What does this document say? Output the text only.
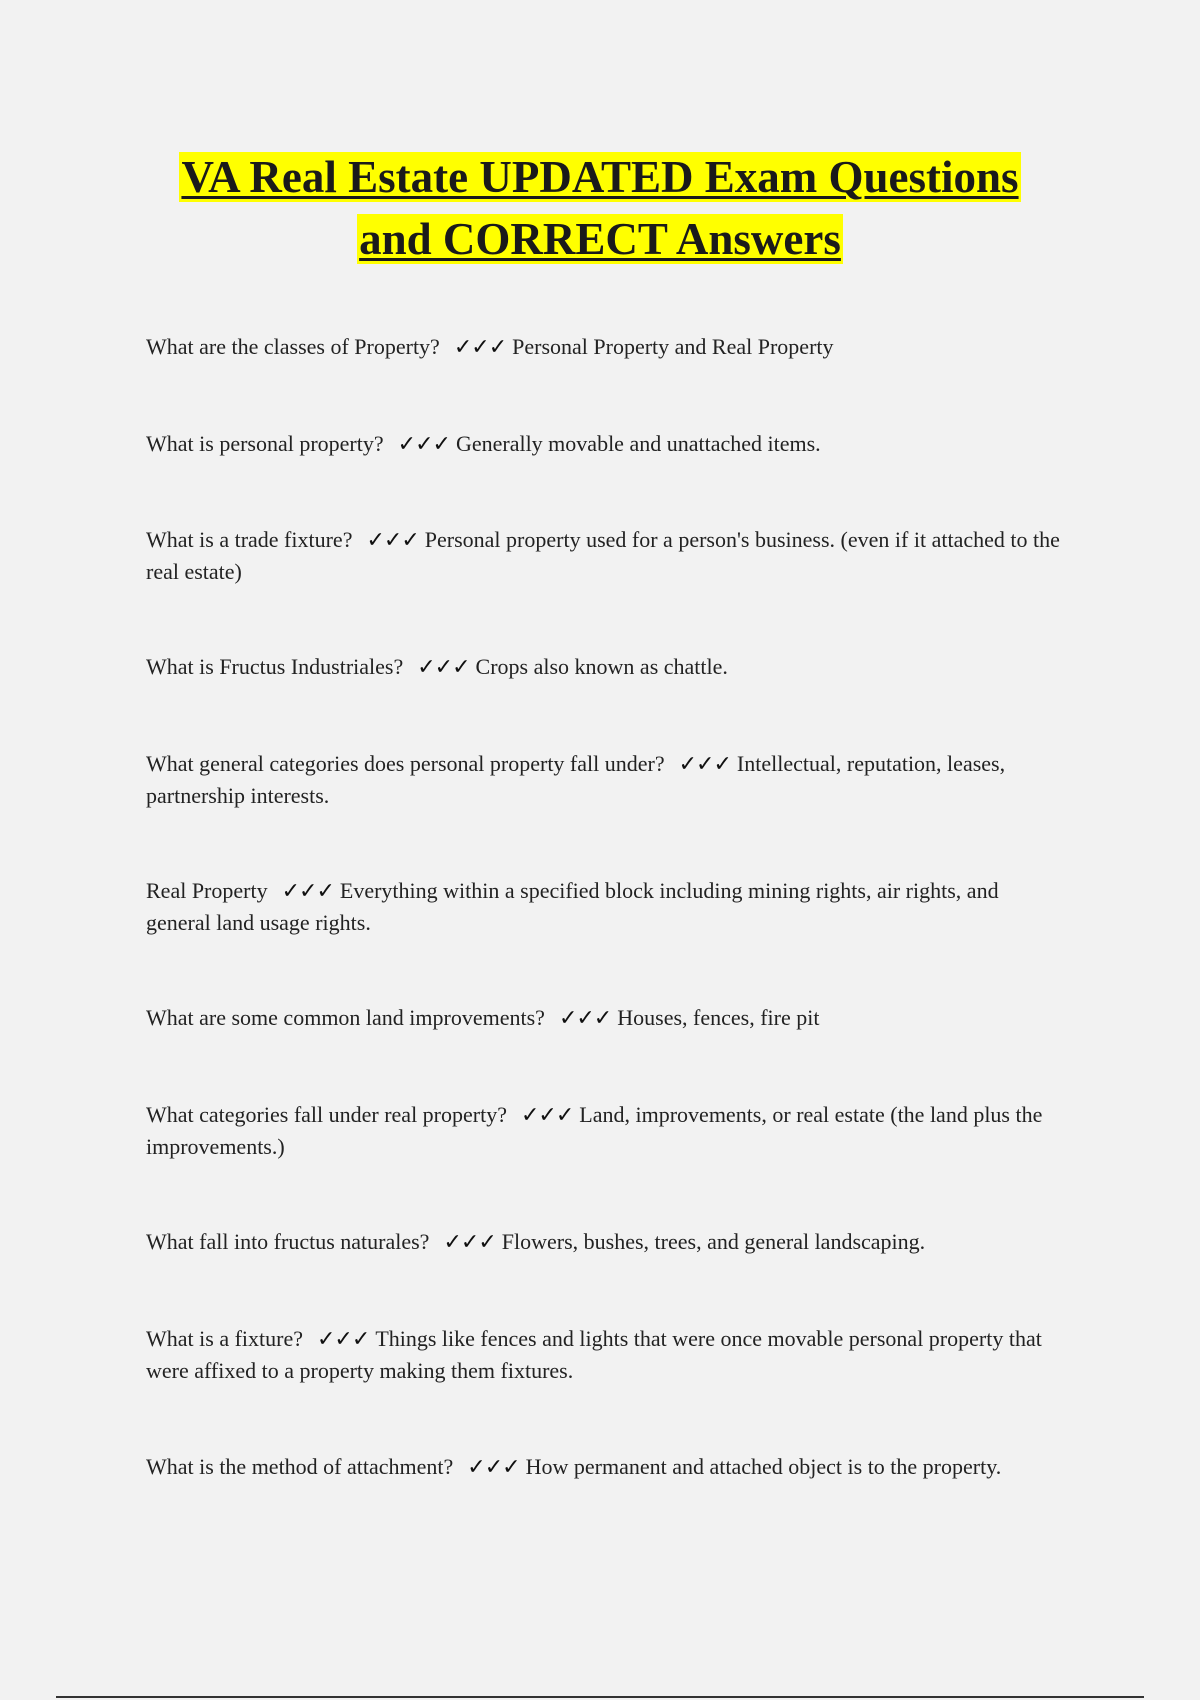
VA Real Estate UPDATED Exam Questions
and CORRECT Answers
What are the classes of Property? ✓✓✓ Personal Property and Real Property
What is personal property? ✓✓✓ Generally movable and unattached items.
What is a trade fixture? ✓✓✓ Personal property used for a person's business. (even if it attached to the real estate)
What is Fructus Industriales? ✓✓✓ Crops also known as chattle.
What general categories does personal property fall under? ✓✓✓ Intellectual, reputation, leases, partnership interests.
Real Property ✓✓✓ Everything within a specified block including mining rights, air rights, and general land usage rights.
What are some common land improvements? ✓✓✓ Houses, fences, fire pit
What categories fall under real property? ✓✓✓ Land, improvements, or real estate (the land plus the improvements.)
What fall into fructus naturales? ✓✓✓ Flowers, bushes, trees, and general landscaping.
What is a fixture? ✓✓✓ Things like fences and lights that were once movable personal property that were affixed to a property making them fixtures.
What is the method of attachment? ✓✓✓ How permanent and attached object is to the property.
